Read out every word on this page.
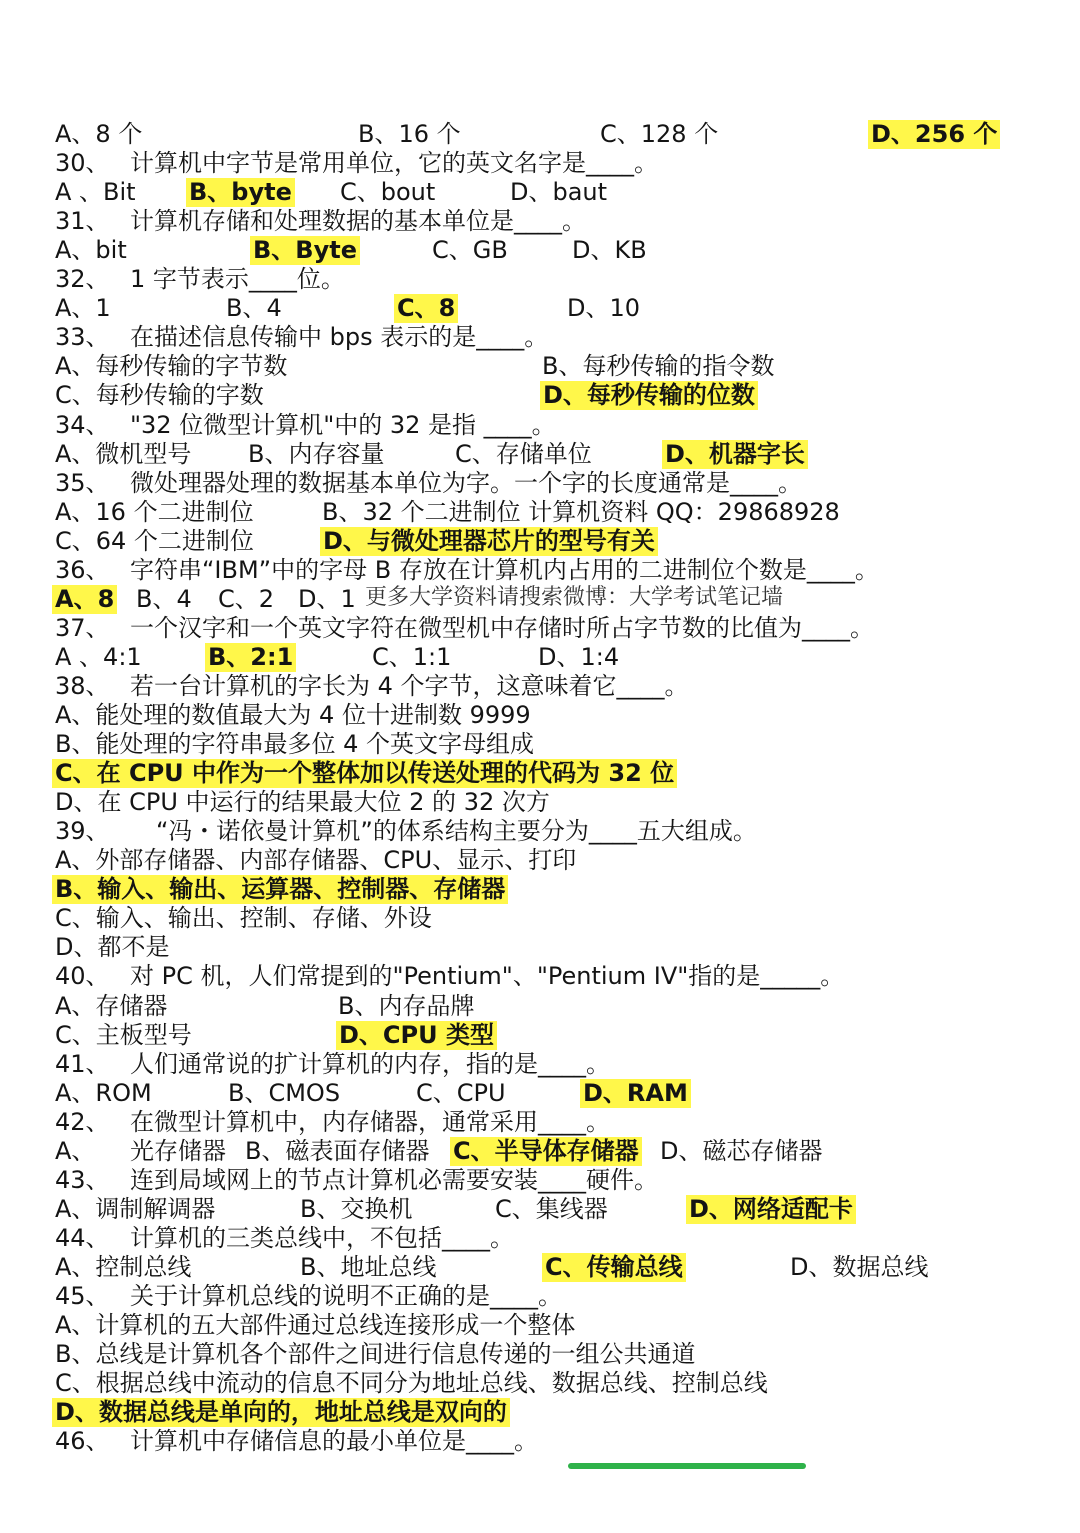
A、8 个	B、16 个	C、128 个	D、256 个
30、 计算机中字节是常用单位，它的英文名字是____。
A 、Bit B、byte C、bout	D、baut
31、 计算机存储和处理数据的基本单位是____。
A、bit	B、Byte	C、GB	D、KB
32、 1 字节表示____位。
A、1	B、4	C、8	D、10
33、 在描述信息传输中 bps 表示的是____。
A、每秒传输的字节数	B、每秒传输的指令数
C、每秒传输的字数	D、每秒传输的位数
34、 "32 位微型计算机"中的 32 是指 ____。
A、微机型号 B、内存容量	C、存储单位	D、机器字长
35、 微处理器处理的数据基本单位为字。一个字的长度通常是____。
A、16 个二进制位	B、32 个二进制位 计算机资料 QQ：29868928
C、64 个二进制位	D、与微处理器芯片的型号有关
36、 字符串“IBM”中的字母 B 存放在计算机内占用的二进制位个数是____。
A、8 B、4 C、2 D、1
37、 一个汉字和一个英文字符在微型机中存储时所占字节数的比值为____。
A 、4:1	B、2:1	C、1:1	D、1:4
38、 若一台计算机的字长为 4 个字节，这意味着它____。
A、能处理的数值最大为 4 位十进制数 9999
B、能处理的字符串最多位 4 个英文字母组成
C、在 CPU 中作为一个整体加以传送处理的代码为 32 位
D、在 CPU 中运行的结果最大位 2 的 32 次方
39、 “冯・诺依曼计算机”的体系结构主要分为____五大组成。
A、外部存储器、内部存储器、CPU、显示、打印
B、输入、输出、运算器、控制器、存储器
C、输入、输出、控制、存储、外设
D、都不是
40、 对 PC 机，人们常提到的"Pentium"、"Pentium IV"指的是_____。
A、存储器	B、内存品牌
C、主板型号	D、CPU 类型
41、 人们通常说的扩计算机的内存，指的是____。
A、ROM	B、CMOS	C、CPU	D、RAM
42、 在微型计算机中，内存储器，通常采用____。
A、 光存储器 B、磁表面存储器 C、半导体存储器 D、磁芯存储器
43、 连到局域网上的节点计算机必需要安装____硬件。
A、调制解调器	B、交换机	C、集线器	D、网络适配卡
44、 计算机的三类总线中，不包括____。
A、控制总线	B、地址总线	C、传输总线	D、数据总线
45、 关于计算机总线的说明不正确的是____。
A、计算机的五大部件通过总线连接形成一个整体
B、总线是计算机各个部件之间进行信息传递的一组公共通道
C、根据总线中流动的信息不同分为地址总线、数据总线、控制总线
D、数据总线是单向的，地址总线是双向的
46、 计算机中存储信息的最小单位是____。
更多大学资料请搜索微博：大学考试笔记墙
